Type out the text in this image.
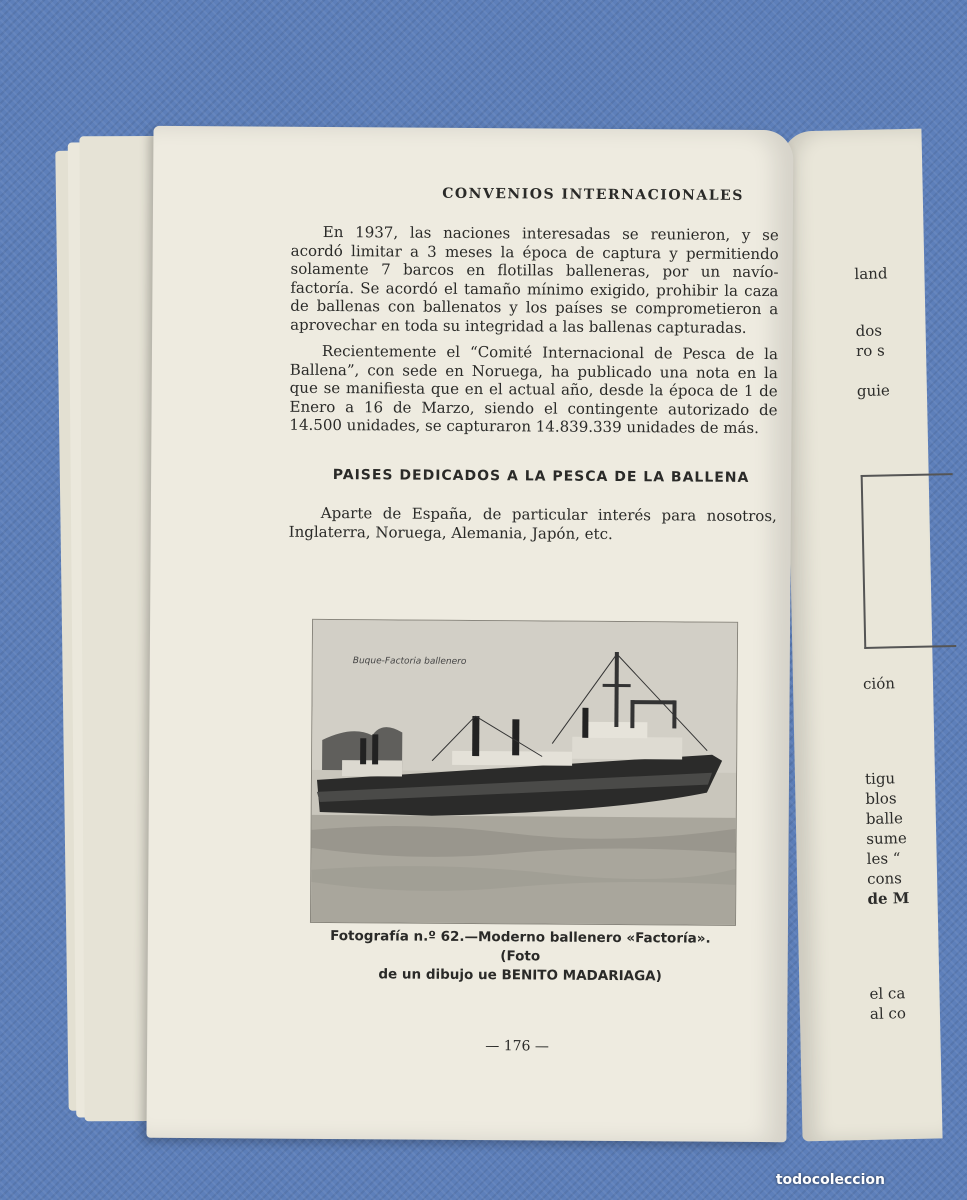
land
dos
ro s
guie
ción
tigu
blos
balle
sume
les “
cons
de M
el ca
al co
CONVENIOS INTERNACIONALES

En 1937, las naciones interesadas se reunieron, y se acordó limitar a 3 meses la época de captura y permitiendo solamente 7 barcos en flotillas balleneras, por un navío-factoría. Se acordó el tamaño mínimo exigido, prohibir la caza de ballenas con ballenatos y los países se comprometieron a aprovechar en toda su integridad a las ballenas capturadas.

Recientemente el “Comité Internacional de Pesca de la Ballena”, con sede en Noruega, ha publicado una nota en la que se manifiesta que en el actual año, desde la época de 1 de Enero a 16 de Marzo, siendo el contingente autorizado de 14.500 unidades, se capturaron 14.839.339 unidades de más.

PAISES DEDICADOS A LA PESCA DE LA BALLENA

Aparte de España, de particular interés para nosotros, Inglaterra, Noruega, Alemania, Japón, etc.

Buque-Factoria ballenero
Fotografía n.º 62.—Moderno ballenero «Factoría». (Foto
de un dibujo ue BENITO MADARIAGA)
— 176 —
todocoleccion
